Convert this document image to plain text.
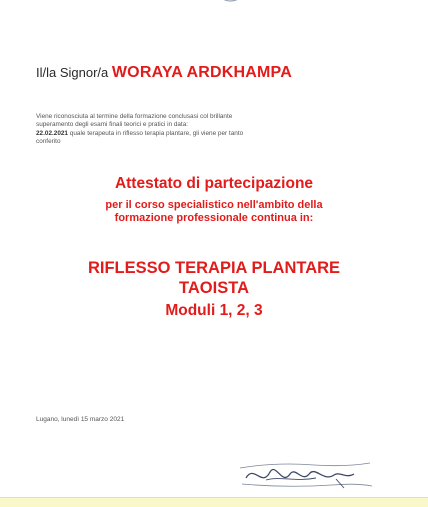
Il/la Signor/a WORAYA ARDKHAMPA
Viene riconosciuta al termine della formazione conclusasi col brillante
superamento degli esami finali teorici e pratici in data:
22.02.2021 quale terapeuta in riflesso terapia plantare, gli viene per tanto
conferito
Attestato di partecipazione
per il corso specialistico nell'ambito della
formazione professionale continua in:
RIFLESSO TERAPIA PLANTARE
TAOISTA
Moduli 1, 2, 3
Lugano, lunedì 15 marzo 2021
